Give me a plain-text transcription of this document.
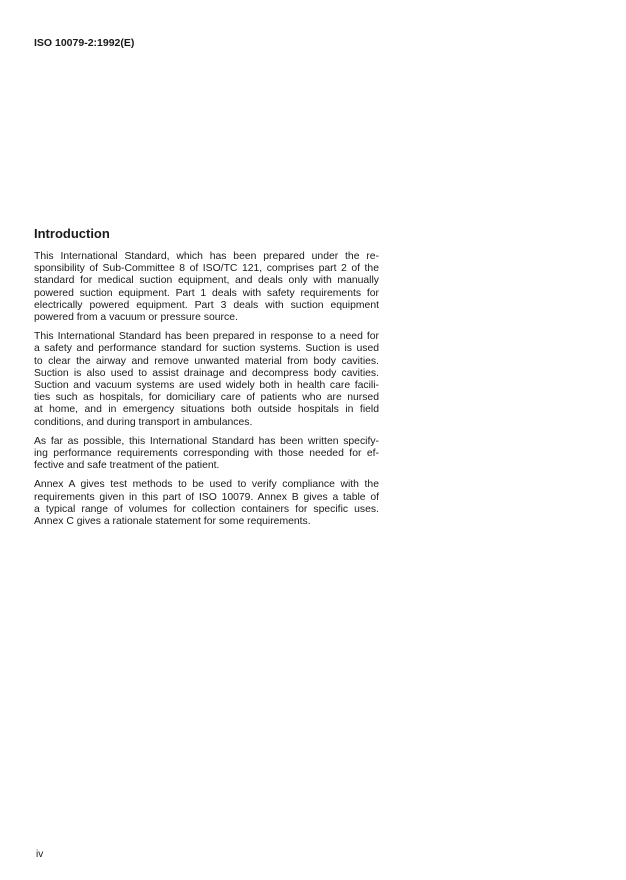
ISO 10079-2:1992(E)
Introduction
This International Standard, which has been prepared under the re-
sponsibility of Sub-Committee 8 of ISO/TC 121, comprises part 2 of the
standard for medical suction equipment, and deals only with manually
powered suction equipment. Part 1 deals with safety requirements for
electrically powered equipment. Part 3 deals with suction equipment
powered from a vacuum or pressure source.
This International Standard has been prepared in response to a need for
a safety and performance standard for suction systems. Suction is used
to clear the airway and remove unwanted material from body cavities.
Suction is also used to assist drainage and decompress body cavities.
Suction and vacuum systems are used widely both in health care facili-
ties such as hospitals, for domiciliary care of patients who are nursed
at home, and in emergency situations both outside hospitals in field
conditions, and during transport in ambulances.
As far as possible, this International Standard has been written specify-
ing performance requirements corresponding with those needed for ef-
fective and safe treatment of the patient.
Annex A gives test methods to be used to verify compliance with the
requirements given in this part of ISO 10079. Annex B gives a table of
a typical range of volumes for collection containers for specific uses.
Annex C gives a rationale statement for some requirements.
iv
